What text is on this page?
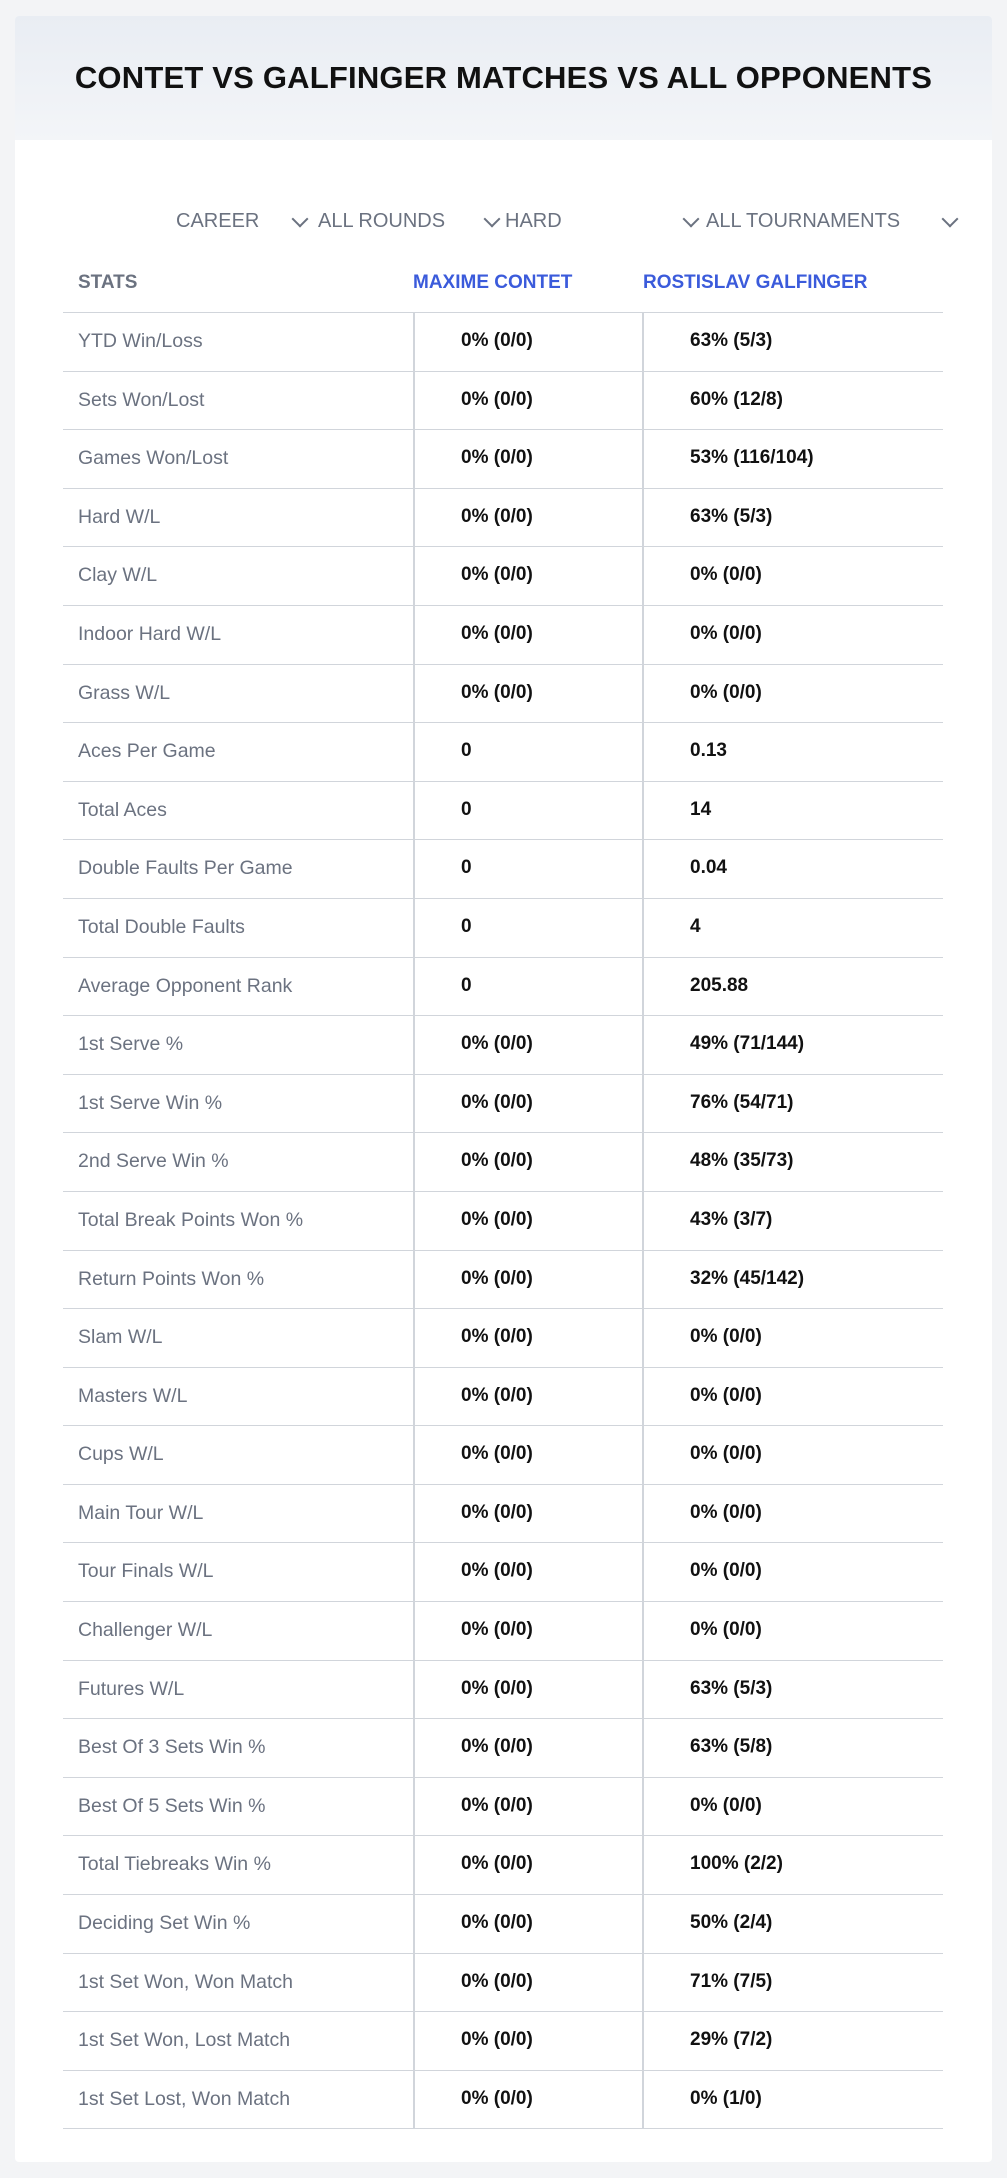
CONTET VS GALFINGER MATCHES VS ALL OPPONENTS
CAREER	ALL ROUNDS	HARD	ALL TOURNAMENTS
STATS	MAXIME CONTET	ROSTISLAV GALFINGER
YTD Win/Loss	0% (0/0)	63% (5/3)
Sets Won/Lost	0% (0/0)	60% (12/8)
Games Won/Lost	0% (0/0)	53% (116/104)
Hard W/L	0% (0/0)	63% (5/3)
Clay W/L	0% (0/0)	0% (0/0)
Indoor Hard W/L	0% (0/0)	0% (0/0)
Grass W/L	0% (0/0)	0% (0/0)
Aces Per Game	0	0.13
Total Aces	0	14
Double Faults Per Game	0	0.04
Total Double Faults	0	4
Average Opponent Rank	0	205.88
1st Serve %	0% (0/0)	49% (71/144)
1st Serve Win %	0% (0/0)	76% (54/71)
2nd Serve Win %	0% (0/0)	48% (35/73)
Total Break Points Won %	0% (0/0)	43% (3/7)
Return Points Won %	0% (0/0)	32% (45/142)
Slam W/L	0% (0/0)	0% (0/0)
Masters W/L	0% (0/0)	0% (0/0)
Cups W/L	0% (0/0)	0% (0/0)
Main Tour W/L	0% (0/0)	0% (0/0)
Tour Finals W/L	0% (0/0)	0% (0/0)
Challenger W/L	0% (0/0)	0% (0/0)
Futures W/L	0% (0/0)	63% (5/3)
Best Of 3 Sets Win %	0% (0/0)	63% (5/8)
Best Of 5 Sets Win %	0% (0/0)	0% (0/0)
Total Tiebreaks Win %	0% (0/0)	100% (2/2)
Deciding Set Win %	0% (0/0)	50% (2/4)
1st Set Won, Won Match	0% (0/0)	71% (7/5)
1st Set Won, Lost Match	0% (0/0)	29% (7/2)
1st Set Lost, Won Match	0% (0/0)	0% (1/0)
